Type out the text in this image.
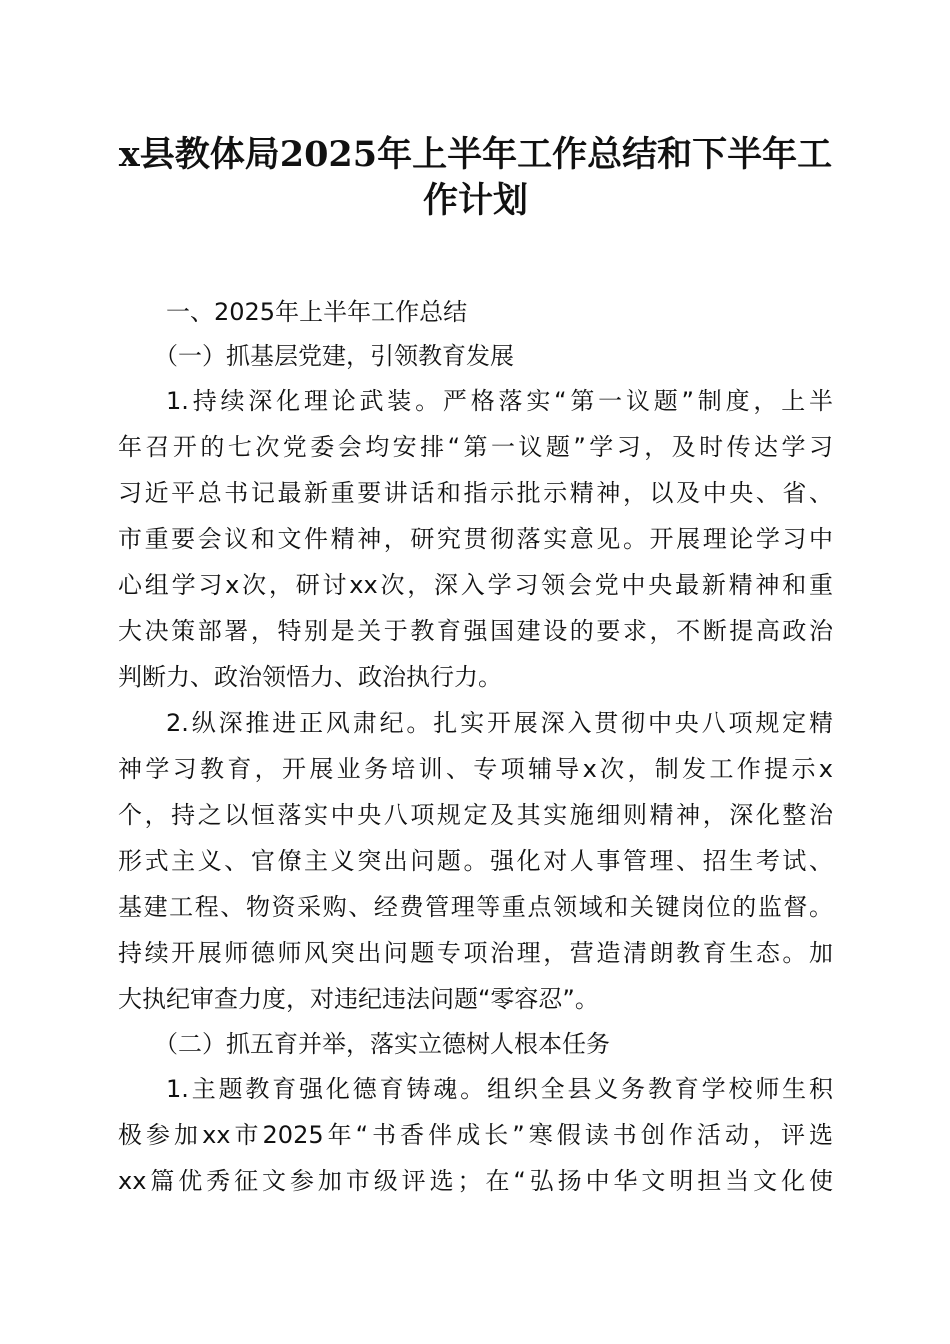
x县教体局2025年上半年工作总结和下半年工
作计划
一、2025年上半年工作总结
（一）抓基层党建，引领教育发展
1.持续深化理论武装。严格落实“第一议题”制度，上半
年召开的七次党委会均安排“第一议题”学习，及时传达学习
习近平总书记最新重要讲话和指示批示精神，以及中央、省、
市重要会议和文件精神，研究贯彻落实意见。开展理论学习中
心组学习x次，研讨xx次，深入学习领会党中央最新精神和重
大决策部署，特别是关于教育强国建设的要求，不断提高政治
判断力、政治领悟力、政治执行力。
2.纵深推进正风肃纪。扎实开展深入贯彻中央八项规定精
神学习教育，开展业务培训、专项辅导x次，制发工作提示x
个，持之以恒落实中央八项规定及其实施细则精神，深化整治
形式主义、官僚主义突出问题。强化对人事管理、招生考试、
基建工程、物资采购、经费管理等重点领域和关键岗位的监督。
持续开展师德师风突出问题专项治理，营造清朗教育生态。加
大执纪审查力度，对违纪违法问题“零容忍”。
（二）抓五育并举，落实立德树人根本任务
1.主题教育强化德育铸魂。组织全县义务教育学校师生积
极参加xx市2025年“书香伴成长”寒假读书创作活动，评选
xx篇优秀征文参加市级评选；在“弘扬中华文明担当文化使
